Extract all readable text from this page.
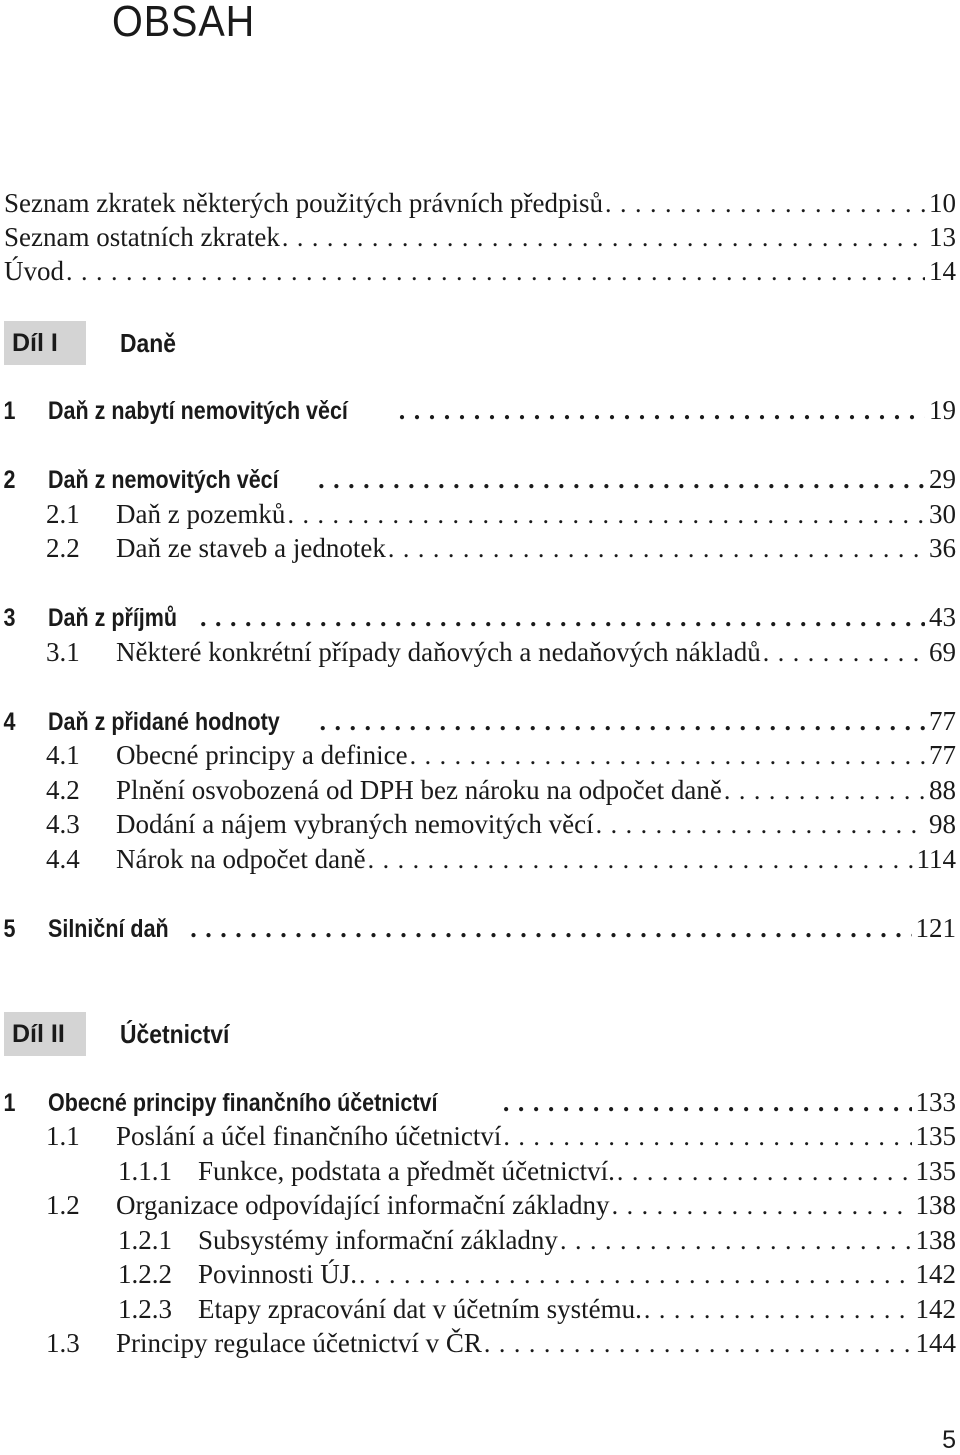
OBSAH
Seznam zkratek některých použitých právních předpisů . . .	10
Seznam ostatních zkratek . . .	13
Úvod . . .	14
Díl I	Daně
1	Daň z nabytí nemovitých věcí . . .	19
2	Daň z nemovitých věcí . . .	29
2.1	Daň z pozemků . . .	30
2.2	Daň ze staveb a jednotek . . .	36
3	Daň z příjmů . . .	43
3.1	Některé konkrétní případy daňových a nedaňových nákladů . . .	69
4	Daň z přidané hodnoty . . .	77
4.1	Obecné principy a definice . . .	77
4.2	Plnění osvobozená od DPH bez nároku na odpočet daně . . .	88
4.3	Dodání a nájem vybraných nemovitých věcí . . .	98
4.4	Nárok na odpočet daně . . .	114
5	Silniční daň . . .	121
Díl II	Účetnictví
1	Obecné principy finančního účetnictví . . .	133
1.1	Poslání a účel finančního účetnictví . . .	135
1.1.1 Funkce, podstata a předmět účetnictví. . . .	135
1.2	Organizace odpovídající informační základny . . .	138
1.2.1 Subsystémy informační základny . . .	138
1.2.2 Povinnosti ÚJ. . . .	142
1.2.3 Etapy zpracování dat v účetním systému. . . .	142
1.3	Principy regulace účetnictví v ČR . . .	144
5
